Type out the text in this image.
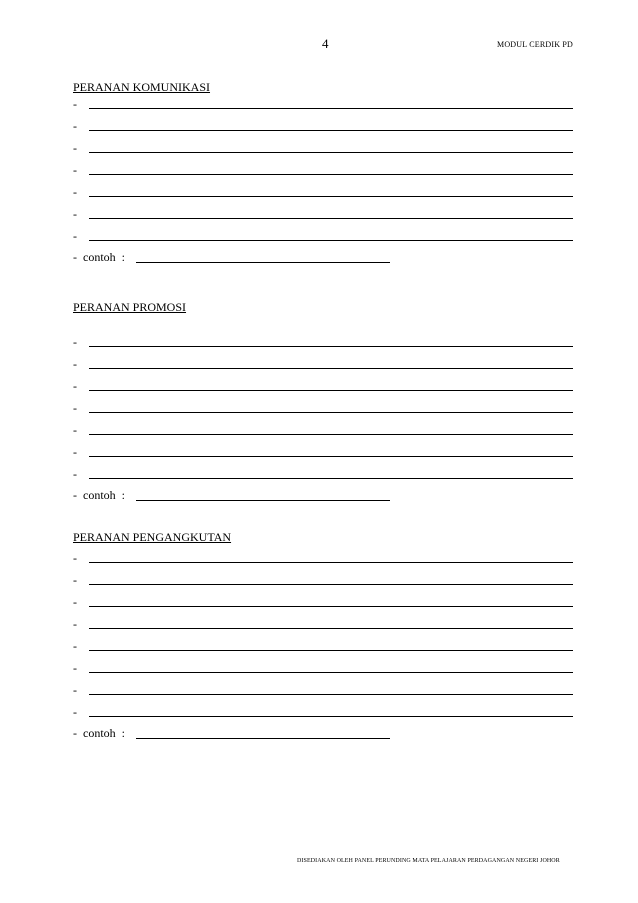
4	MODUL CERDIK PD
PERANAN KOMUNIKASI
-
-
-
-
-
-
-
-  contoh  :
PERANAN PROMOSI
-
-
-
-
-
-
-
-  contoh  :
PERANAN PENGANGKUTAN
-
-
-
-
-
-
-
-
-  contoh  :
DISEDIAKAN OLEH PANEL PERUNDING MATA PELAJARAN PERDAGANGAN NEGERI JOHOR
